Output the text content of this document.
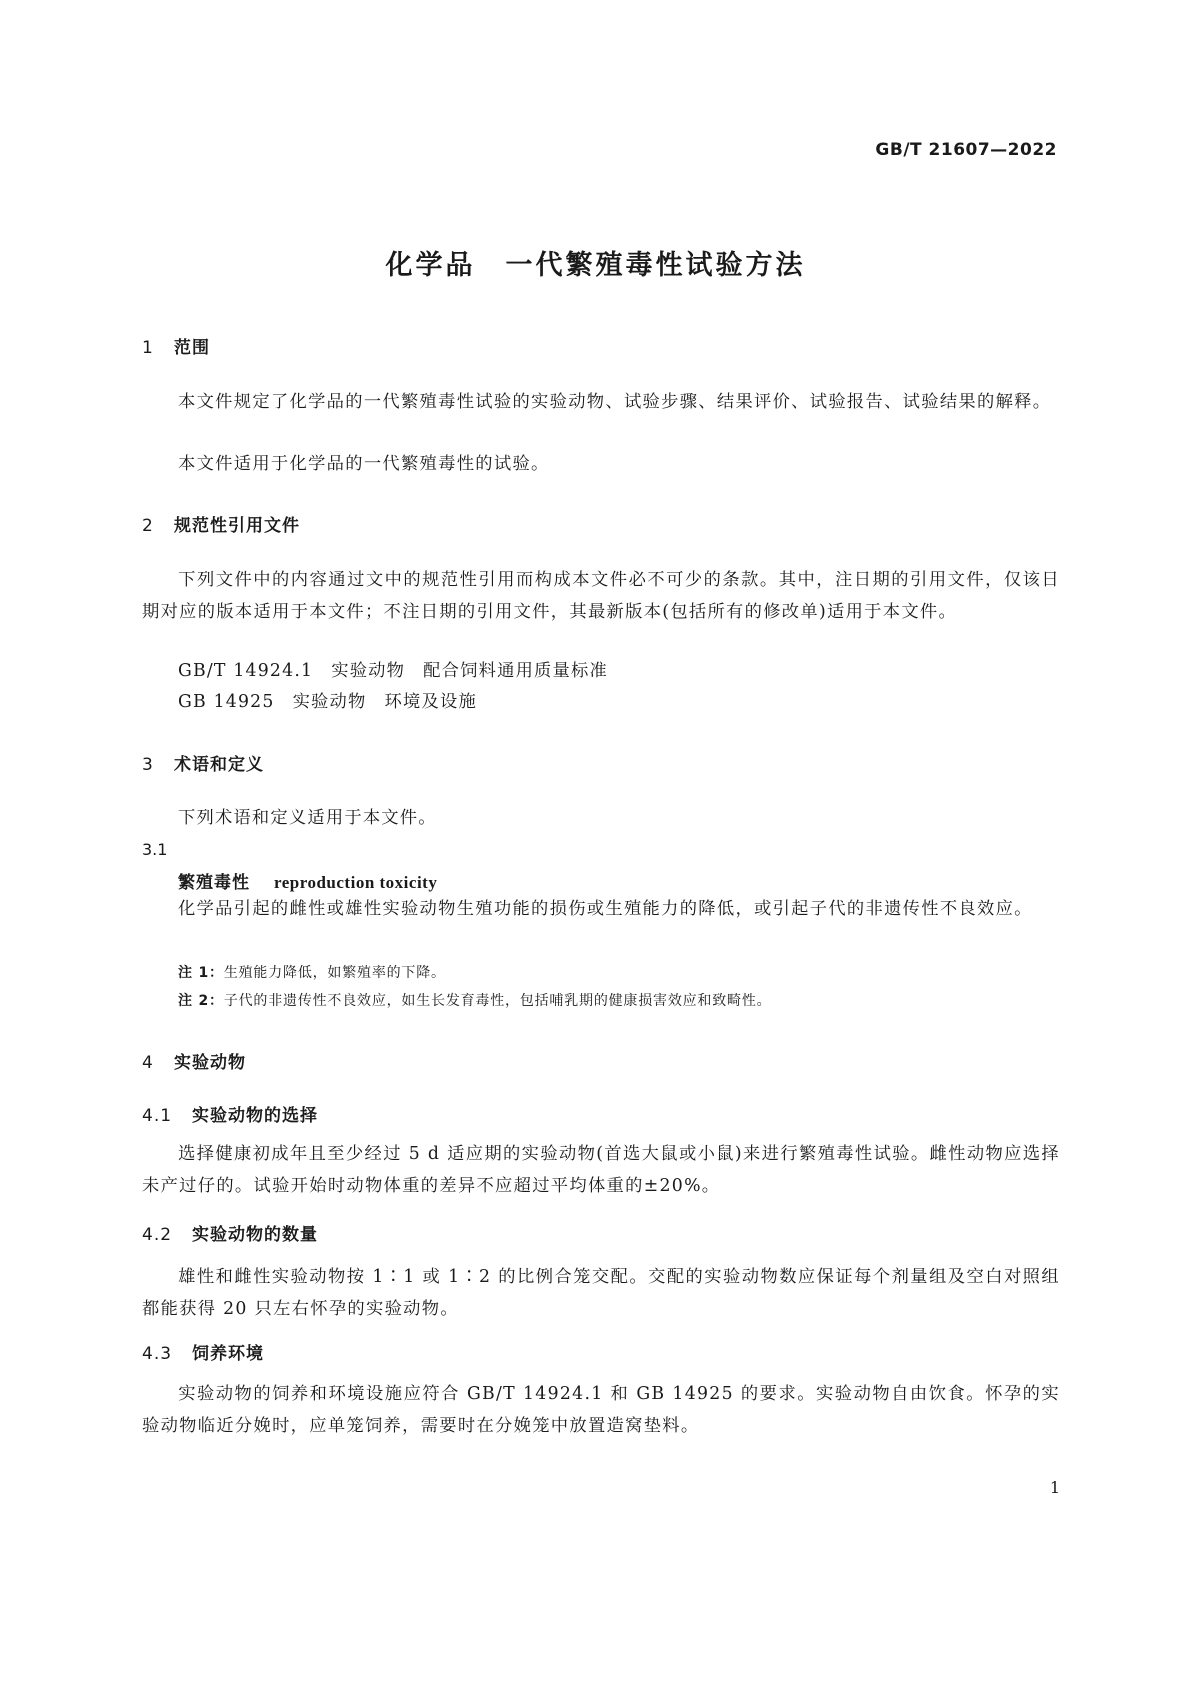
GB/T 21607—2022
化学品　一代繁殖毒性试验方法
1 范围

本文件规定了化学品的一代繁殖毒性试验的实验动物、试验步骤、结果评价、试验报告、试验结果的解释。

本文件适用于化学品的一代繁殖毒性的试验。

2 规范性引用文件

下列文件中的内容通过文中的规范性引用而构成本文件必不可少的条款。其中，注日期的引用文件，仅该日期对应的版本适用于本文件；不注日期的引用文件，其最新版本(包括所有的修改单)适用于本文件。

GB/T 14924.1 实验动物 配合饲料通用质量标准
GB 14925 实验动物 环境及设施
3 术语和定义
下列术语和定义适用于本文件。
3.1
繁殖毒性 reproduction toxicity

化学品引起的雌性或雄性实验动物生殖功能的损伤或生殖能力的降低，或引起子代的非遗传性不良效应。

注 1：生殖能力降低，如繁殖率的下降。
注 2：子代的非遗传性不良效应，如生长发育毒性，包括哺乳期的健康损害效应和致畸性。
4 实验动物
4.1 实验动物的选择

选择健康初成年且至少经过 5 d 适应期的实验动物(首选大鼠或小鼠)来进行繁殖毒性试验。雌性动物应选择未产过仔的。试验开始时动物体重的差异不应超过平均体重的±20%。

4.2 实验动物的数量

雄性和雌性实验动物按 1∶1 或 1∶2 的比例合笼交配。交配的实验动物数应保证每个剂量组及空白对照组都能获得 20 只左右怀孕的实验动物。

4.3 饲养环境

实验动物的饲养和环境设施应符合 GB/T 14924.1 和 GB 14925 的要求。实验动物自由饮食。怀孕的实验动物临近分娩时，应单笼饲养，需要时在分娩笼中放置造窝垫料。

1
